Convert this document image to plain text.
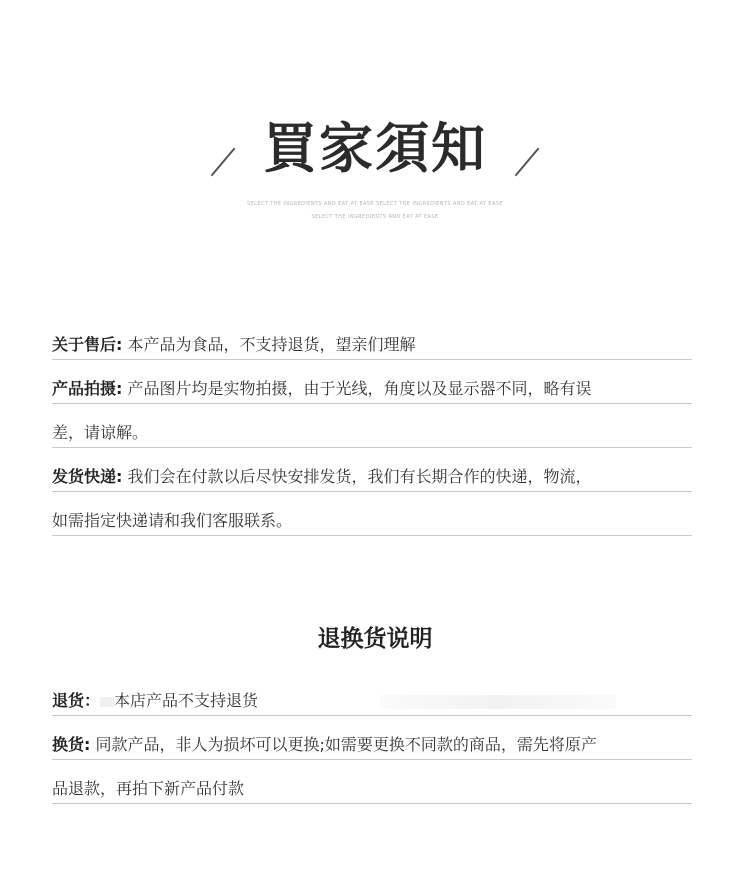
買家須知
SELECT THE INGREDIENTS AND EAT AT EASE SELECT THE INGREDIENTS AND EAT AT EASE
SELECT THE INGREDIENTS AND EAT AT EASE
关于售后: 本产品为食品，不支持退货，望亲们理解
产品拍摄: 产品图片均是实物拍摄，由于光线，角度以及显示器不同，略有误
差，请谅解。
发货快递: 我们会在付款以后尽快安排发货，我们有长期合作的快递，物流，
如需指定快递请和我们客服联系。
退换货说明
退货： 本店产品不支持退货
换货: 同款产品，非人为损坏可以更换;如需要更换不同款的商品，需先将原产
品退款，再拍下新产品付款
